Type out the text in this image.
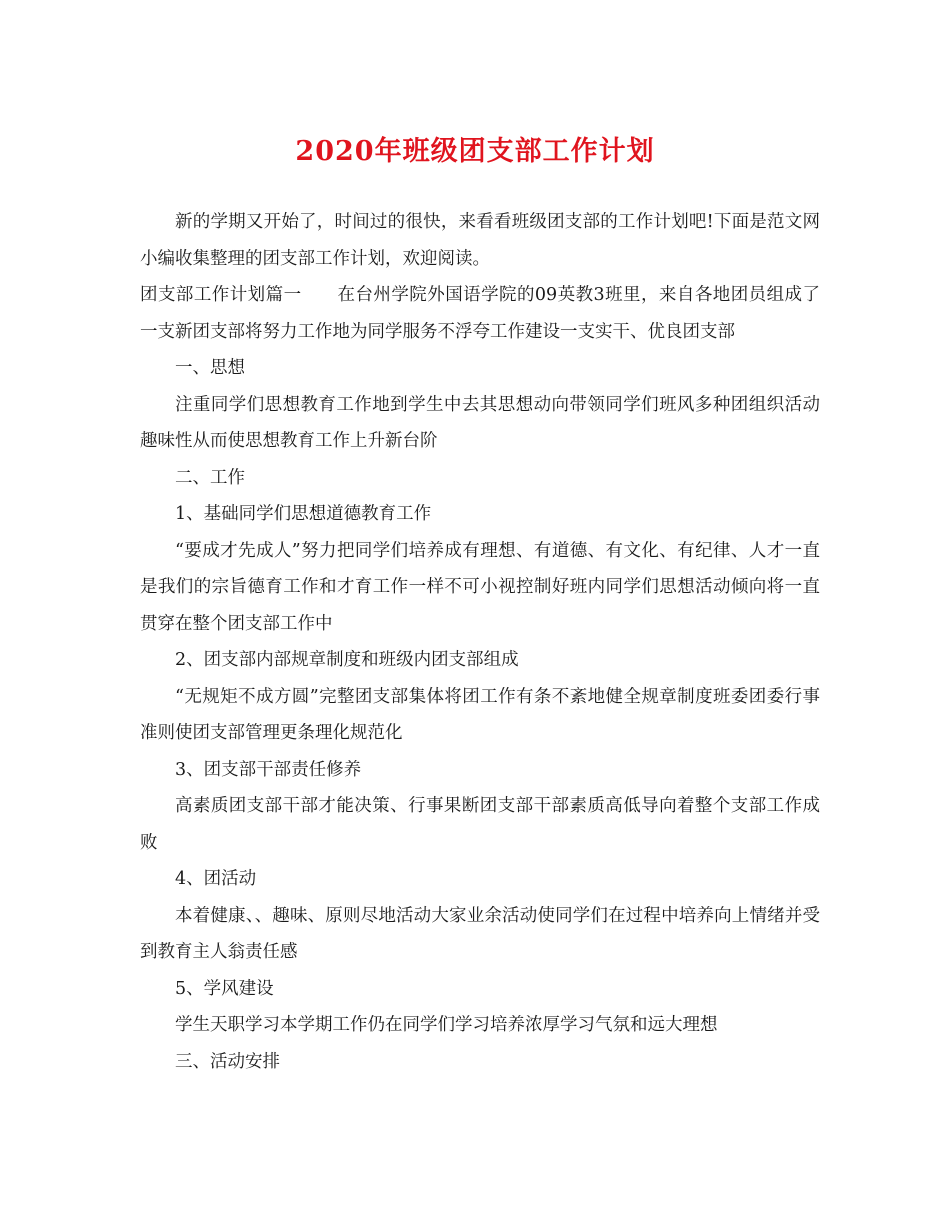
2020年班级团支部工作计划

新的学期又开始了，时间过的很快，来看看班级团支部的工作计划吧!下面是范文网小编收集整理的团支部工作计划，欢迎阅读。

团支部工作计划篇一 在台州学院外国语学院的09英教3班里，来自各地团员组成了一支新团支部将努力工作地为同学服务不浮夸工作建设一支实干、优良团支部

一、思想

注重同学们思想教育工作地到学生中去其思想动向带领同学们班风多种团组织活动趣味性从而使思想教育工作上升新台阶

二、工作

1、基础同学们思想道德教育工作

“要成才先成人”努力把同学们培养成有理想、有道德、有文化、有纪律、人才一直是我们的宗旨德育工作和才育工作一样不可小视控制好班内同学们思想活动倾向将一直贯穿在整个团支部工作中

2、团支部内部规章制度和班级内团支部组成

“无规矩不成方圆”完整团支部集体将团工作有条不紊地健全规章制度班委团委行事准则使团支部管理更条理化规范化

3、团支部干部责任修养

高素质团支部干部才能决策、行事果断团支部干部素质高低导向着整个支部工作成败

4、团活动

本着健康、、趣味、原则尽地活动大家业余活动使同学们在过程中培养向上情绪并受到教育主人翁责任感

5、学风建设

学生天职学习本学期工作仍在同学们学习培养浓厚学习气氛和远大理想

三、活动安排
